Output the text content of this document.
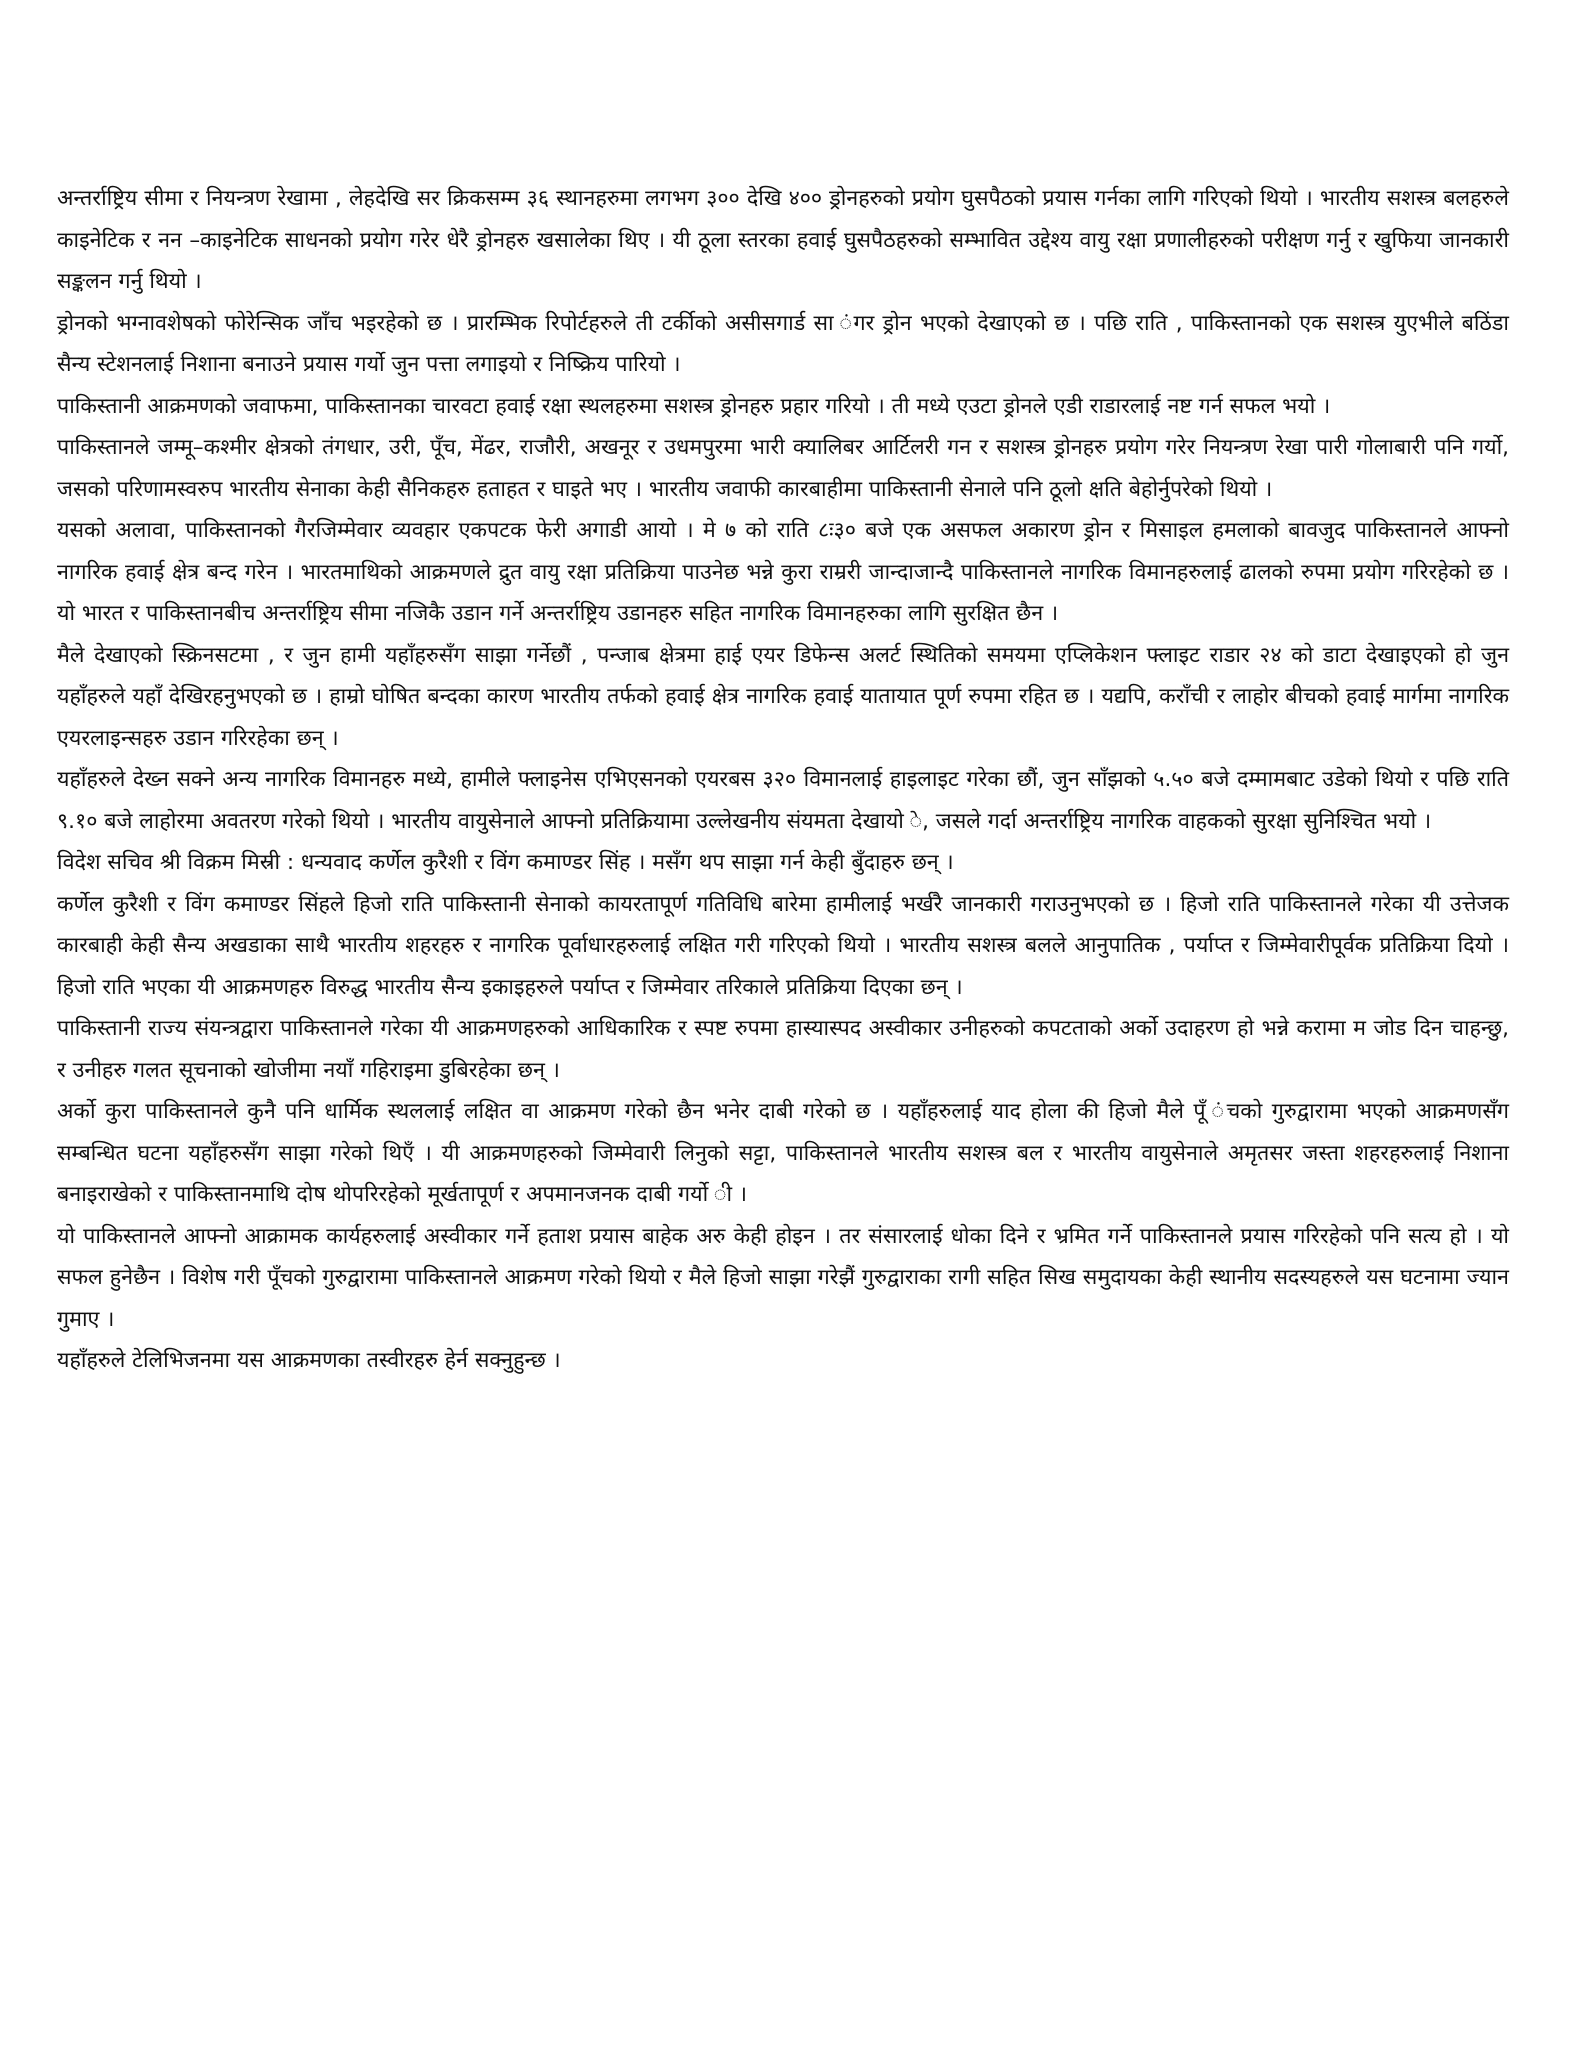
अन्तर्राष्ट्रिय सीमा र नियन्त्रण रेखामा , लेहदेखि सर क्रिकसम्म ३६ स्थानहरुमा लगभग ३०० देखि ४०० ड्रोनहरुको प्रयोग घुसपैठको प्रयास गर्नका लागि गरिएको थियो । भारतीय सशस्त्र बलहरुले काइनेटिक र नन –काइनेटिक साधनको प्रयोग गरेर धेरै ड्रोनहरु खसालेका थिए । यी ठूला स्तरका हवाई घुसपैठहरुको सम्भावित उद्देश्य वायु रक्षा प्रणालीहरुको परीक्षण गर्नु र खुफिया जानकारी सङ्कलन गर्नु थियो ।

ड्रोनको भग्नावशेषको फोरेन्सिक जाँच भइरहेको छ । प्रारम्भिक रिपोर्टहरुले ती टर्कीको असीसगार्ड सा ंगर ड्रोन भएको देखाएको छ । पछि राति , पाकिस्तानको एक सशस्त्र युएभीले बठिंडा सैन्य स्टेशनलाई निशाना बनाउने प्रयास गर्यो जुन पत्ता लगाइयो र निष्क्रिय पारियो ।

पाकिस्तानी आक्रमणको जवाफमा, पाकिस्तानका चारवटा हवाई रक्षा स्थलहरुमा सशस्त्र ड्रोनहरु प्रहार गरियो । ती मध्ये एउटा ड्रोनले एडी राडारलाई नष्ट गर्न सफल भयो ।

पाकिस्तानले जम्मू–कश्मीर क्षेत्रको तंगधार, उरी, पूँच, मेंढर, राजौरी, अखनूर र उधमपुरमा भारी क्यालिबर आर्टिलरी गन र सशस्त्र ड्रोनहरु प्रयोग गरेर नियन्त्रण रेखा पारी गोलाबारी पनि गर्यो, जसको परिणामस्वरुप भारतीय सेनाका केही सैनिकहरु हताहत र घाइते भए । भारतीय जवाफी कारबाहीमा पाकिस्तानी सेनाले पनि ठूलो क्षति बेहोर्नुपरेको थियो ।

यसको अलावा, पाकिस्तानको गैरजिम्मेवार व्यवहार एकपटक फेरी अगाडी आयो । मे ७ को राति ८ः३० बजे एक असफल अकारण ड्रोन र मिसाइल हमलाको बावजुद पाकिस्तानले आफ्नो नागरिक हवाई क्षेत्र बन्द गरेन । भारतमाथिको आक्रमणले द्रुत वायु रक्षा प्रतिक्रिया पाउनेछ भन्ने कुरा राम्ररी जान्दाजान्दै पाकिस्तानले नागरिक विमानहरुलाई ढालको रुपमा प्रयोग गरिरहेको छ । यो भारत र पाकिस्तानबीच अन्तर्राष्ट्रिय सीमा नजिकै उडान गर्ने अन्तर्राष्ट्रिय उडानहरु सहित नागरिक विमानहरुका लागि सुरक्षित छैन ।

मैले देखाएको स्क्रिनसटमा , र जुन हामी यहाँहरुसँग साझा गर्नेछौं , पन्जाब क्षेत्रमा हाई एयर डिफेन्स अलर्ट स्थितिको समयमा एप्लिकेशन फ्लाइट राडार २४ को डाटा देखाइएको हो जुन यहाँहरुले यहाँ देखिरहनुभएको छ । हाम्रो घोषित बन्दका कारण भारतीय तर्फको हवाई क्षेत्र नागरिक हवाई यातायात पूर्ण रुपमा रहित छ । यद्यपि, कराँची र लाहोर बीचको हवाई मार्गमा नागरिक एयरलाइन्सहरु उडान गरिरहेका छन् ।

यहाँहरुले देख्न सक्ने अन्य नागरिक विमानहरु मध्ये, हामीले फ्लाइनेस एभिएसनको एयरबस ३२० विमानलाई हाइलाइट गरेका छौं, जुन साँझको ५.५० बजे दम्मामबाट उडेको थियो र पछि राति ९.१० बजे लाहोरमा अवतरण गरेको थियो । भारतीय वायुसेनाले आफ्नो प्रतिक्रियामा उल्लेखनीय संयमता देखायो े, जसले गर्दा अन्तर्राष्ट्रिय नागरिक वाहकको सुरक्षा सुनिश्चित भयो ।

विदेश सचिव श्री विक्रम मिस्री : धन्यवाद कर्णेल कुरैशी र विंग कमाण्डर सिंह । मसँग थप साझा गर्न केही बुँदाहरु छन् ।

कर्णेल कुरैशी र विंग कमाण्डर सिंहले हिजो राति पाकिस्तानी सेनाको कायरतापूर्ण गतिविधि बारेमा हामीलाई भर्खरै जानकारी गराउनुभएको छ । हिजो राति पाकिस्तानले गरेका यी उत्तेजक कारबाही केही सैन्य अखडाका साथै भारतीय शहरहरु र नागरिक पूर्वाधारहरुलाई लक्षित गरी गरिएको थियो । भारतीय सशस्त्र बलले आनुपातिक , पर्याप्त र जिम्मेवारीपूर्वक प्रतिक्रिया दियो । हिजो राति भएका यी आक्रमणहरु विरुद्ध भारतीय सैन्य इकाइहरुले पर्याप्त र जिम्मेवार तरिकाले प्रतिक्रिया दिएका छन् ।

पाकिस्तानी राज्य संयन्त्रद्वारा पाकिस्तानले गरेका यी आक्रमणहरुको आधिकारिक र स्पष्ट रुपमा हास्यास्पद अस्वीकार उनीहरुको कपटताको अर्को उदाहरण हो भन्ने करामा म जोड दिन चाहन्छु, र उनीहरु गलत सूचनाको खोजीमा नयाँ गहिराइमा डुबिरहेका छन् ।

अर्को कुरा पाकिस्तानले कुनै पनि धार्मिक स्थललाई लक्षित वा आक्रमण गरेको छैन भनेर दाबी गरेको छ । यहाँहरुलाई याद होला की हिजो मैले पूँ ंचको गुरुद्वारामा भएको आक्रमणसँग सम्बन्धित घटना यहाँहरुसँग साझा गरेको थिएँ । यी आक्रमणहरुको जिम्मेवारी लिनुको सट्टा, पाकिस्तानले भारतीय सशस्त्र बल र भारतीय वायुसेनाले अमृतसर जस्ता शहरहरुलाई निशाना बनाइराखेको र पाकिस्तानमाथि दोष थोपरिरहेको मूर्खतापूर्ण र अपमानजनक दाबी गर्यो ी ।

यो पाकिस्तानले आफ्नो आक्रामक कार्यहरुलाई अस्वीकार गर्ने हताश प्रयास बाहेक अरु केही होइन । तर संसारलाई धोका दिने र भ्रमित गर्ने पाकिस्तानले प्रयास गरिरहेको पनि सत्य हो । यो सफल हुनेछैन । विशेष गरी पूँचको गुरुद्वारामा पाकिस्तानले आक्रमण गरेको थियो र मैले हिजो साझा गरेझैं गुरुद्वाराका रागी सहित सिख समुदायका केही स्थानीय सदस्यहरुले यस घटनामा ज्यान गुमाए ।

यहाँहरुले टेलिभिजनमा यस आक्रमणका तस्वीरहरु हेर्न सक्नुहुन्छ ।
